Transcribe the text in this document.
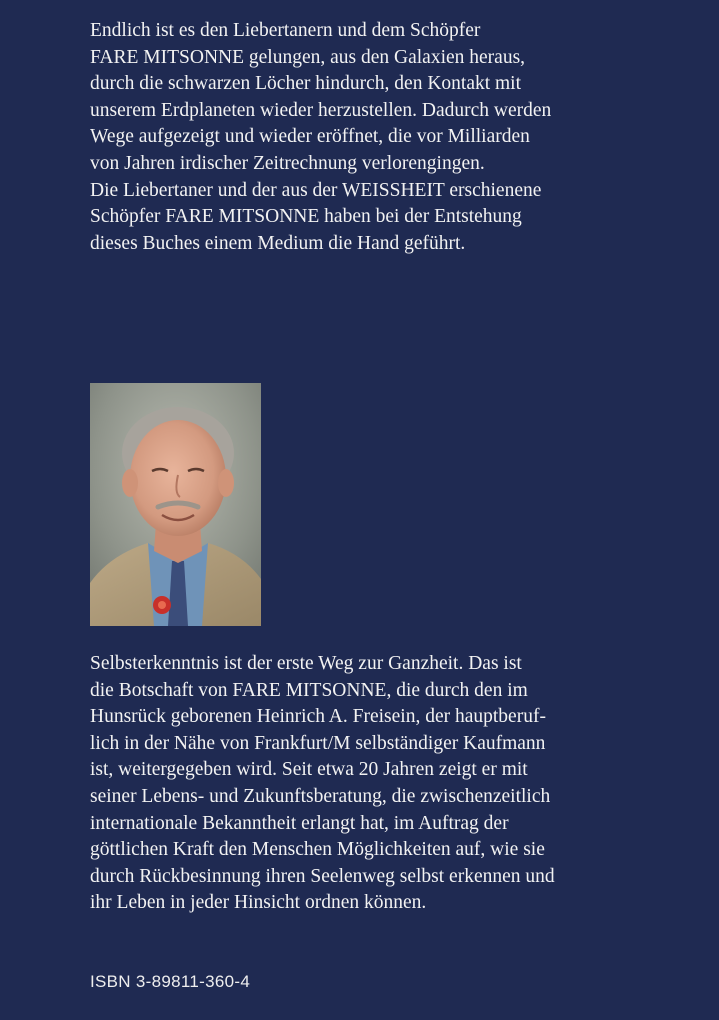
Endlich ist es den Liebertanern und dem Schöpfer
FARE MITSONNE gelungen, aus den Galaxien heraus,
durch die schwarzen Löcher hindurch, den Kontakt mit
unserem Erdplaneten wieder herzustellen. Dadurch werden
Wege aufgezeigt und wieder eröffnet, die vor Milliarden
von Jahren irdischer Zeitrechnung verlorengingen.
Die Liebertaner und der aus der WEISSHEIT erschienene
Schöpfer FARE MITSONNE haben bei der Entstehung
dieses Buches einem Medium die Hand geführt.

Selbsterkenntnis ist der erste Weg zur Ganzheit. Das ist
die Botschaft von FARE MITSONNE, die durch den im
Hunsrück geborenen Heinrich A. Freisein, der hauptberuf-
lich in der Nähe von Frankfurt/M selbständiger Kaufmann
ist, weitergegeben wird. Seit etwa 20 Jahren zeigt er mit
seiner Lebens- und Zukunftsberatung, die zwischenzeitlich
internationale Bekanntheit erlangt hat, im Auftrag der
göttlichen Kraft den Menschen Möglichkeiten auf, wie sie
durch Rückbesinnung ihren Seelenweg selbst erkennen und
ihr Leben in jeder Hinsicht ordnen können.

ISBN 3-89811-360-4
